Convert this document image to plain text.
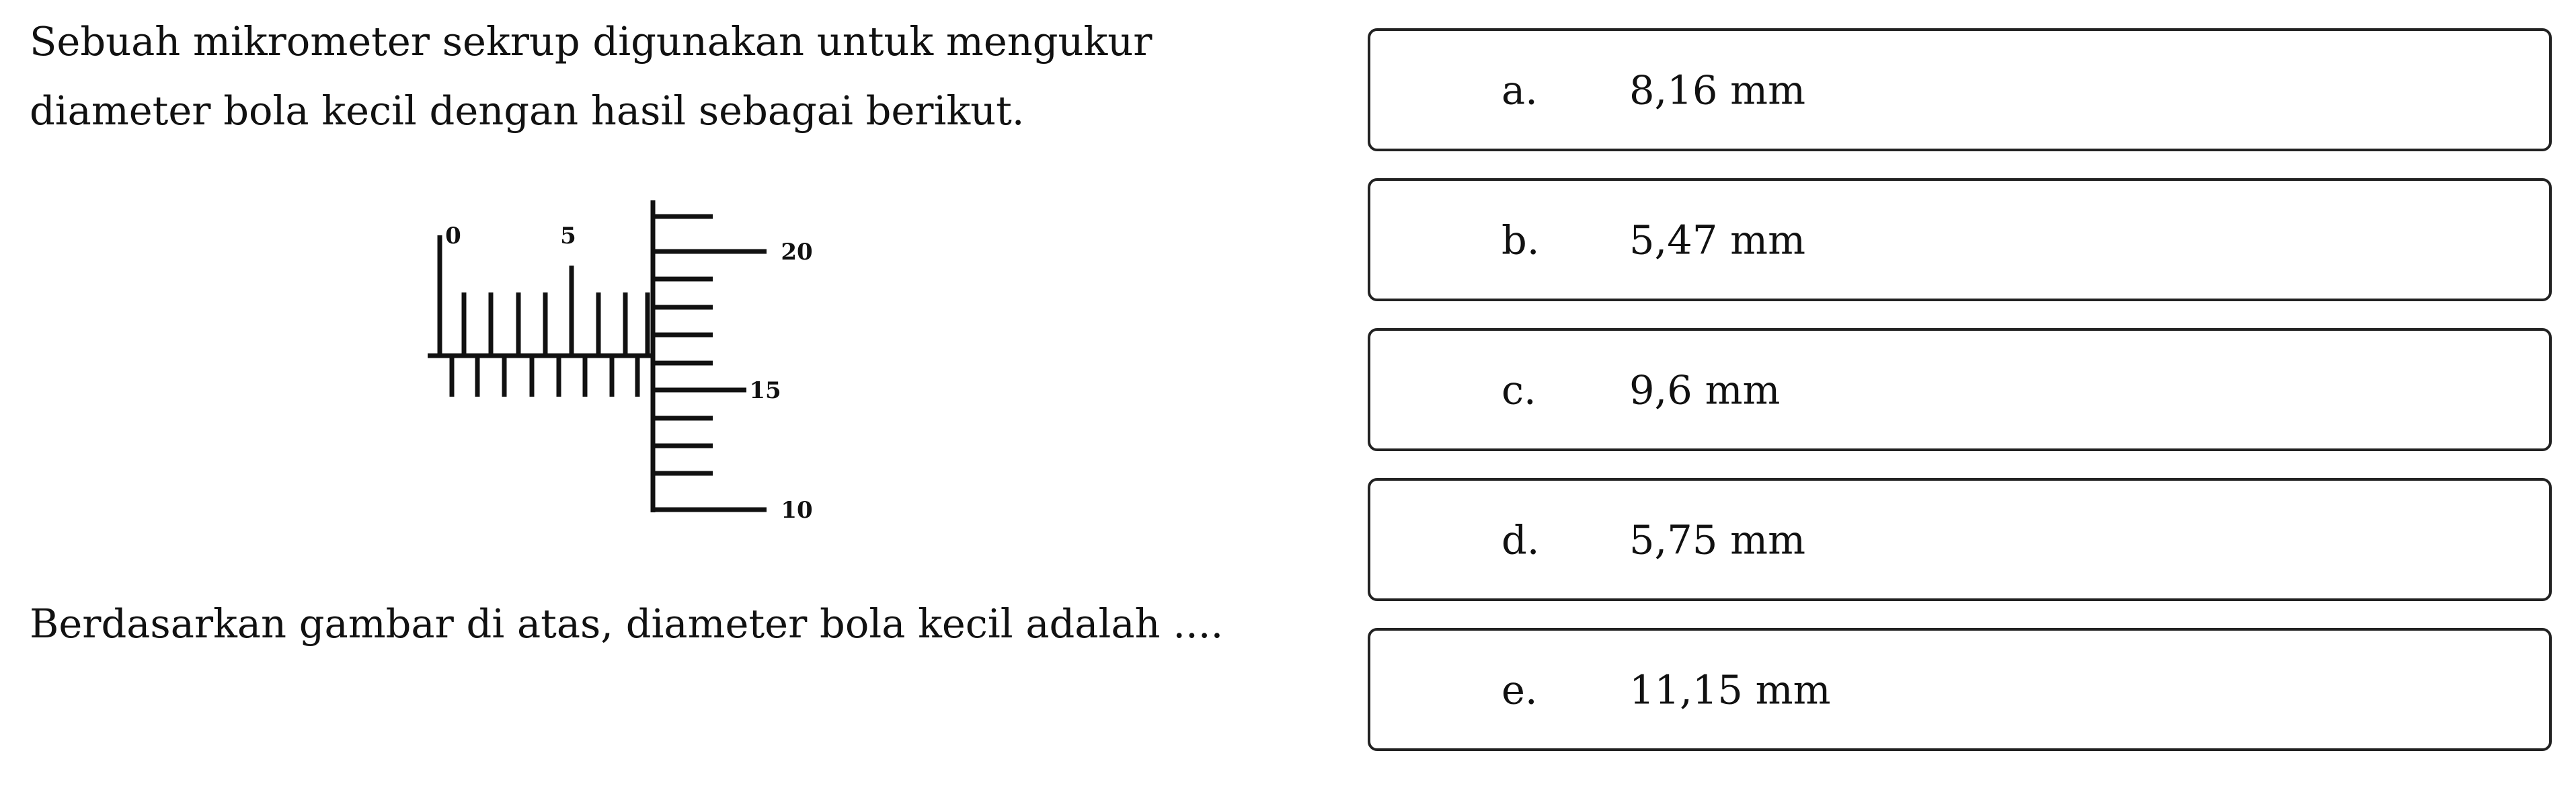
Sebuah mikrometer sekrup digunakan untuk mengukur
diameter bola kecil dengan hasil sebagai berikut.
0	5
20
15
10

Berdasarkan gambar di atas, diameter bola kecil adalah ....

a. 8,16 mm
b. 5,47 mm
c. 9,6 mm
d. 5,75 mm
e. 11,15 mm
